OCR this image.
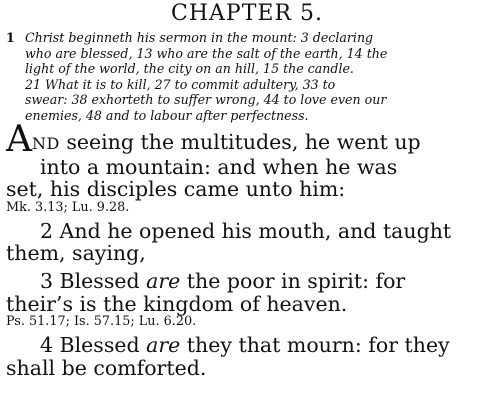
CHAPTER 5.
1 Christ beginneth his sermon in the mount: 3 declaring
who are blessed, 13 who are the salt of the earth, 14 the
light of the world, the city on an hill, 15 the candle.
21 What it is to kill, 27 to commit adultery, 33 to
swear: 38 exhorteth to suffer wrong, 44 to love even our
enemies, 48 and to labour after perfectness.
AND seeing the multitudes, he went up
into a mountain: and when he was
set, his disciples came unto him:
Mk. 3.13; Lu. 9.28.
2 And he opened his mouth, and taught
them, saying,
3 Blessed are the poor in spirit: for
their’s is the kingdom of heaven.
Ps. 51.17; Is. 57.15; Lu. 6.20.
4 Blessed are they that mourn: for they
shall be comforted.
